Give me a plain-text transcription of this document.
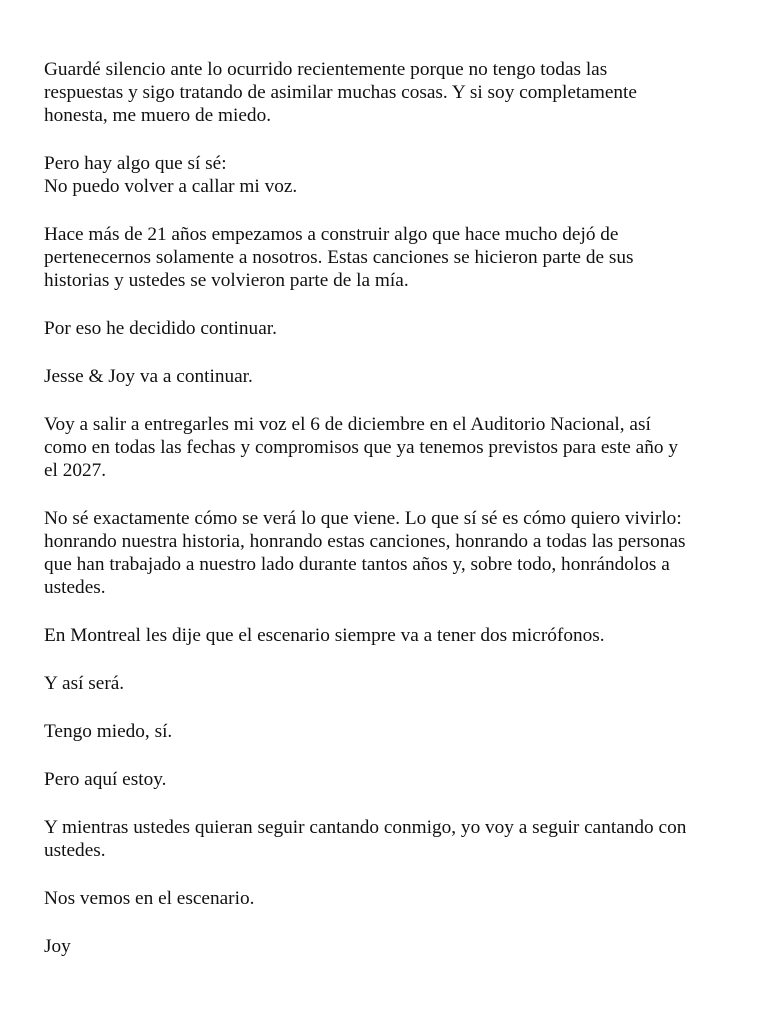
Guardé silencio ante lo ocurrido recientemente porque no tengo todas las
respuestas y sigo tratando de asimilar muchas cosas. Y si soy completamente
honesta, me muero de miedo.

Pero hay algo que sí sé:
No puedo volver a callar mi voz.

Hace más de 21 años empezamos a construir algo que hace mucho dejó de
pertenecernos solamente a nosotros. Estas canciones se hicieron parte de sus
historias y ustedes se volvieron parte de la mía.

Por eso he decidido continuar.

Jesse & Joy va a continuar.

Voy a salir a entregarles mi voz el 6 de diciembre en el Auditorio Nacional, así
como en todas las fechas y compromisos que ya tenemos previstos para este año y
el 2027.

No sé exactamente cómo se verá lo que viene. Lo que sí sé es cómo quiero vivirlo:
honrando nuestra historia, honrando estas canciones, honrando a todas las personas
que han trabajado a nuestro lado durante tantos años y, sobre todo, honrándolos a
ustedes.

En Montreal les dije que el escenario siempre va a tener dos micrófonos.

Y así será.

Tengo miedo, sí.

Pero aquí estoy.

Y mientras ustedes quieran seguir cantando conmigo, yo voy a seguir cantando con
ustedes.

Nos vemos en el escenario.

Joy
